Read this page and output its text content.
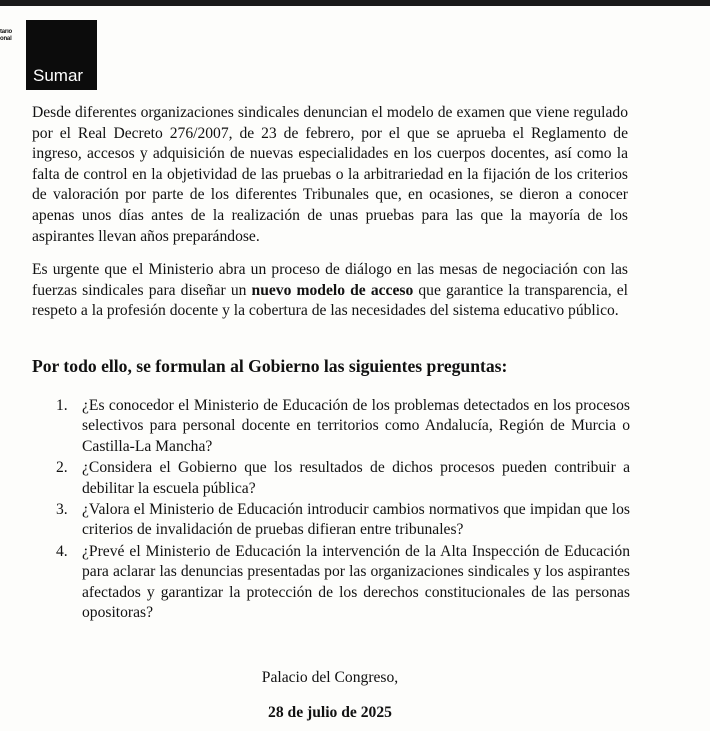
tario
onal
Sumar

Desde diferentes organizaciones sindicales denuncian el modelo de examen que viene regulado por el Real Decreto 276/2007, de 23 de febrero, por el que se aprueba el Reglamento de ingreso, accesos y adquisición de nuevas especialidades en los cuerpos docentes, así como la falta de control en la objetividad de las pruebas o la arbitrariedad en la fijación de los criterios de valoración por parte de los diferentes Tribunales que, en ocasiones, se dieron a conocer apenas unos días antes de la realización de unas pruebas para las que la mayoría de los aspirantes llevan años preparándose.

Es urgente que el Ministerio abra un proceso de diálogo en las mesas de negociación con las fuerzas sindicales para diseñar un nuevo modelo de acceso que garantice la transparencia, el respeto a la profesión docente y la cobertura de las necesidades del sistema educativo público.

Por todo ello, se formulan al Gobierno las siguientes preguntas:
1. ¿Es conocedor el Ministerio de Educación de los problemas detectados en los procesos selectivos para personal docente en territorios como Andalucía, Región de Murcia o Castilla-La Mancha?
2. ¿Considera el Gobierno que los resultados de dichos procesos pueden contribuir a debilitar la escuela pública?
3. ¿Valora el Ministerio de Educación introducir cambios normativos que impidan que los criterios de invalidación de pruebas difieran entre tribunales?
4. ¿Prevé el Ministerio de Educación la intervención de la Alta Inspección de Educación para aclarar las denuncias presentadas por las organizaciones sindicales y los aspirantes afectados y garantizar la protección de los derechos constitucionales de las personas opositoras?
Palacio del Congreso,
28 de julio de 2025
